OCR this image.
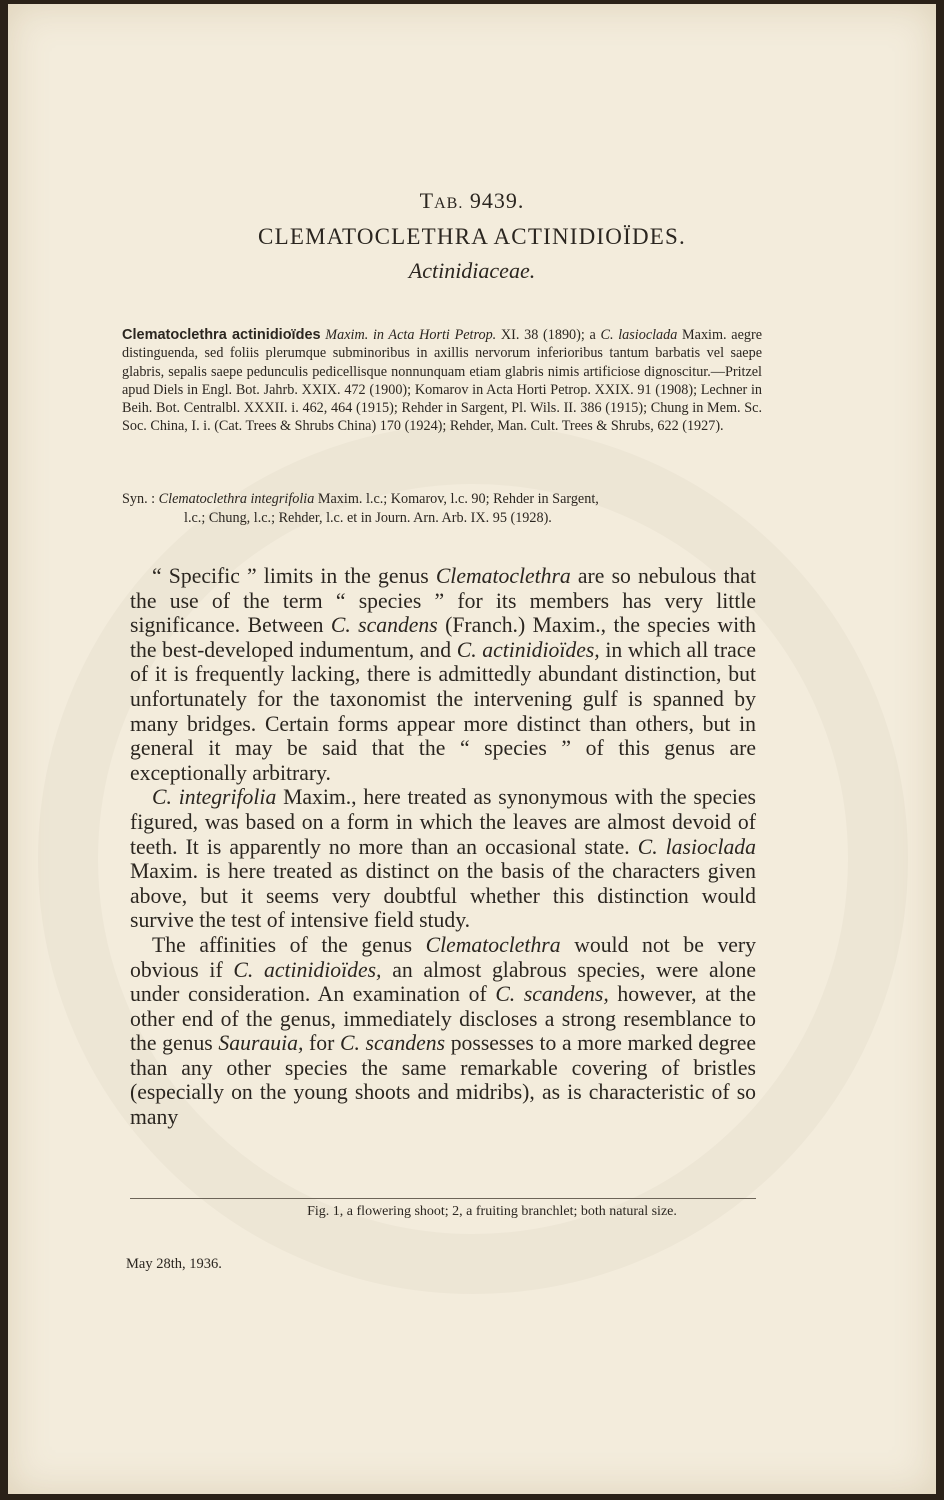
TAB. 9439.
CLEMATOCLETHRA ACTINIDIOÏDES.
Actinidiaceae.
Clematoclethra actinidioïdes Maxim. in Acta Horti Petrop. XI. 38 (1890); a C. lasioclada Maxim. aegre distinguenda, sed foliis plerumque subminoribus in axillis nervorum inferioribus tantum barbatis vel saepe glabris, sepalis saepe pedunculis pedicellisque nonnunquam etiam glabris nimis artificiose dignoscitur.—Pritzel apud Diels in Engl. Bot. Jahrb. XXIX. 472 (1900); Komarov in Acta Horti Petrop. XXIX. 91 (1908); Lechner in Beih. Bot. Centralbl. XXXII. i. 462, 464 (1915); Rehder in Sargent, Pl. Wils. II. 386 (1915); Chung in Mem. Sc. Soc. China, I. i. (Cat. Trees & Shrubs China) 170 (1924); Rehder, Man. Cult. Trees & Shrubs, 622 (1927).
Syn. : Clematoclethra integrifolia Maxim. l.c.; Komarov, l.c. 90; Rehder in Sargent,
l.c.; Chung, l.c.; Rehder, l.c. et in Journ. Arn. Arb. IX. 95 (1928).

“ Specific ” limits in the genus Clematoclethra are so nebulous that the use of the term “ species ” for its members has very little significance. Between C. scandens (Franch.) Maxim., the species with the best-developed indumentum, and C. actinidioïdes, in which all trace of it is frequently lacking, there is admittedly abundant distinction, but unfortunately for the taxonomist the intervening gulf is spanned by many bridges. Certain forms appear more distinct than others, but in general it may be said that the “ species ” of this genus are exceptionally arbitrary.

C. integrifolia Maxim., here treated as synonymous with the species figured, was based on a form in which the leaves are almost devoid of teeth. It is apparently no more than an occasional state. C. lasioclada Maxim. is here treated as distinct on the basis of the characters given above, but it seems very doubtful whether this distinction would survive the test of intensive field study.

The affinities of the genus Clematoclethra would not be very obvious if C. actinidioïdes, an almost glabrous species, were alone under consideration. An examination of C. scandens, however, at the other end of the genus, immediately discloses a strong resemblance to the genus Saurauia, for C. scandens possesses to a more marked degree than any other species the same remarkable covering of bristles (especially on the young shoots and midribs), as is characteristic of so many

Fig. 1, a flowering shoot; 2, a fruiting branchlet; both natural size.
May 28th, 1936.
